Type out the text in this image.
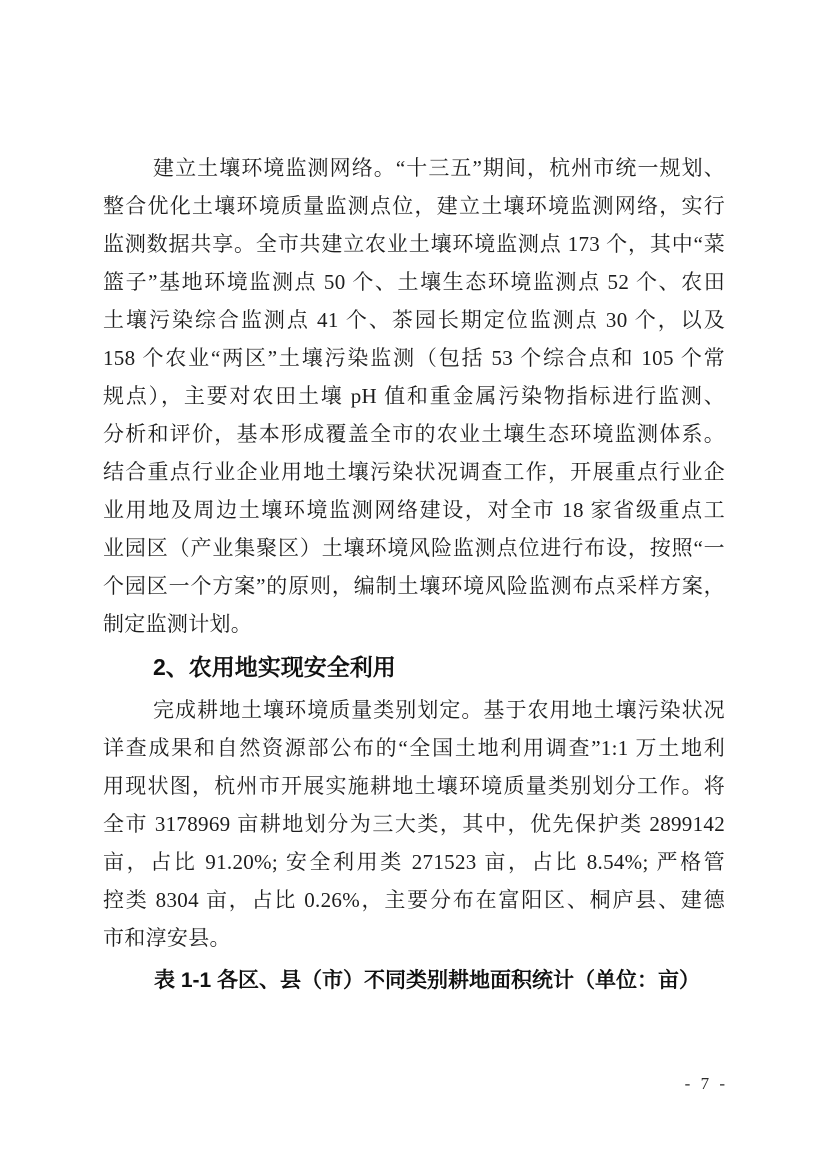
建立土壤环境监测网络。“十三五”期间，杭州市统一规划、
整合优化土壤环境质量监测点位，建立土壤环境监测网络，实行
监测数据共享。全市共建立农业土壤环境监测点 173 个，其中“菜
篮子”基地环境监测点 50 个、土壤生态环境监测点 52 个、农田
土壤污染综合监测点 41 个、茶园长期定位监测点 30 个，以及
158 个农业“两区”土壤污染监测（包括 53 个综合点和 105 个常
规点），主要对农田土壤 pH 值和重金属污染物指标进行监测、
分析和评价，基本形成覆盖全市的农业土壤生态环境监测体系。
结合重点行业企业用地土壤污染状况调查工作，开展重点行业企
业用地及周边土壤环境监测网络建设，对全市 18 家省级重点工
业园区（产业集聚区）土壤环境风险监测点位进行布设，按照“一
个园区一个方案”的原则，编制土壤环境风险监测布点采样方案，
制定监测计划。
2、农用地实现安全利用
完成耕地土壤环境质量类别划定。基于农用地土壤污染状况
详查成果和自然资源部公布的“全国土地利用调查”1:1 万土地利
用现状图，杭州市开展实施耕地土壤环境质量类别划分工作。将
全市 3178969 亩耕地划分为三大类，其中，优先保护类 2899142
亩，占比 91.20%; 安全利用类 271523 亩，占比 8.54%; 严格管
控类 8304 亩，占比 0.26%，主要分布在富阳区、桐庐县、建德
市和淳安县。
表 1-1 各区、县（市）不同类别耕地面积统计（单位：亩）
- 7 -
